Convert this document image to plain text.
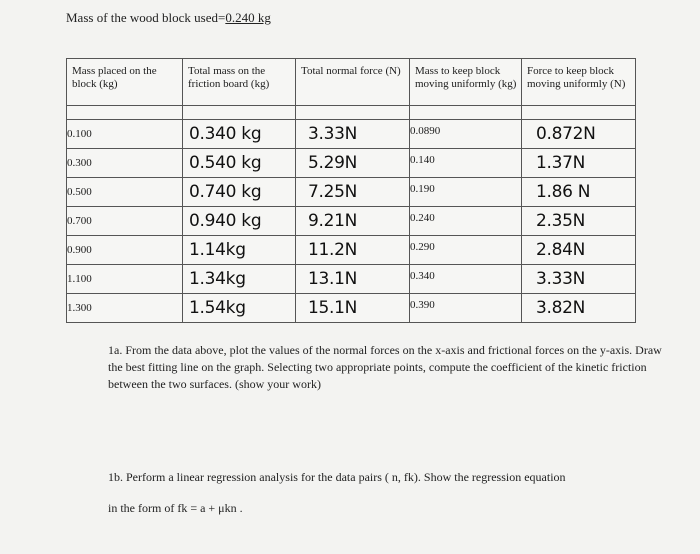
Mass of the wood block used=0.240 kg
Mass placed on the block (kg)	Total mass on the friction board (kg)	Total normal force (N)	Mass to keep block moving uniformly (kg)	Force to keep block moving uniformly (N)

0.100	0.340 kg	3.33N	0.0890	0.872N
0.300	0.540 kg	5.29N	0.140	1.37N
0.500	0.740 kg	7.25N	0.190	1.86 N
0.700	0.940 kg	9.21N	0.240	2.35N
0.900	1.14kg	11.2N	0.290	2.84N
1.100	1.34kg	13.1N	0.340	3.33N
1.300	1.54kg	15.1N	0.390	3.82N
1a. From the data above, plot the values of the normal forces on the x-axis and frictional forces on the y-axis. Draw the best fitting line on the graph. Selecting two appropriate points, compute the coefficient of the kinetic friction between the two surfaces. (show your work)
1b. Perform a linear regression analysis for the data pairs ( n, fk). Show the regression equation
in the form of fk = a + μkn .
